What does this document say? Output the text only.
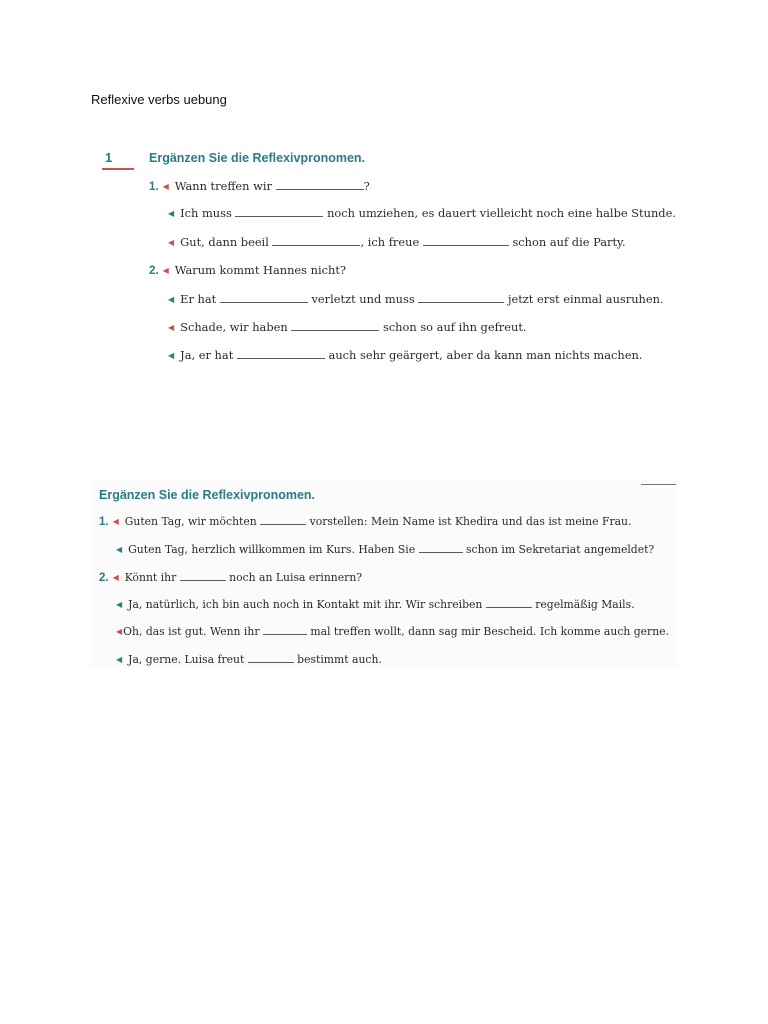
Reflexive verbs uebung
1	Ergänzen Sie die Reflexivpronomen.
1. ◀ Wann treffen wir	?
◀ Ich muss	noch umziehen, es dauert vielleicht noch eine halbe Stunde.
◀ Gut, dann beeil	, ich freue	schon auf die Party.
2. ◀ Warum kommt Hannes nicht?
◀ Er hat	verletzt und muss	jetzt erst einmal ausruhen.
◀ Schade, wir haben	schon so auf ihn gefreut.
◀ Ja, er hat	auch sehr geärgert, aber da kann man nichts machen.
Ergänzen Sie die Reflexivpronomen.
1. ◀ Guten Tag, wir möchten	vorstellen: Mein Name ist Khedira und das ist meine Frau.
◀ Guten Tag, herzlich willkommen im Kurs. Haben Sie	schon im Sekretariat angemeldet?
2. ◀ Könnt ihr	noch an Luisa erinnern?
◀ Ja, natürlich, ich bin auch noch in Kontakt mit ihr. Wir schreiben	regelmäßig Mails.
◀Oh, das ist gut. Wenn ihr	mal treffen wollt, dann sag mir Bescheid. Ich komme auch gerne.
◀ Ja, gerne. Luisa freut	bestimmt auch.
